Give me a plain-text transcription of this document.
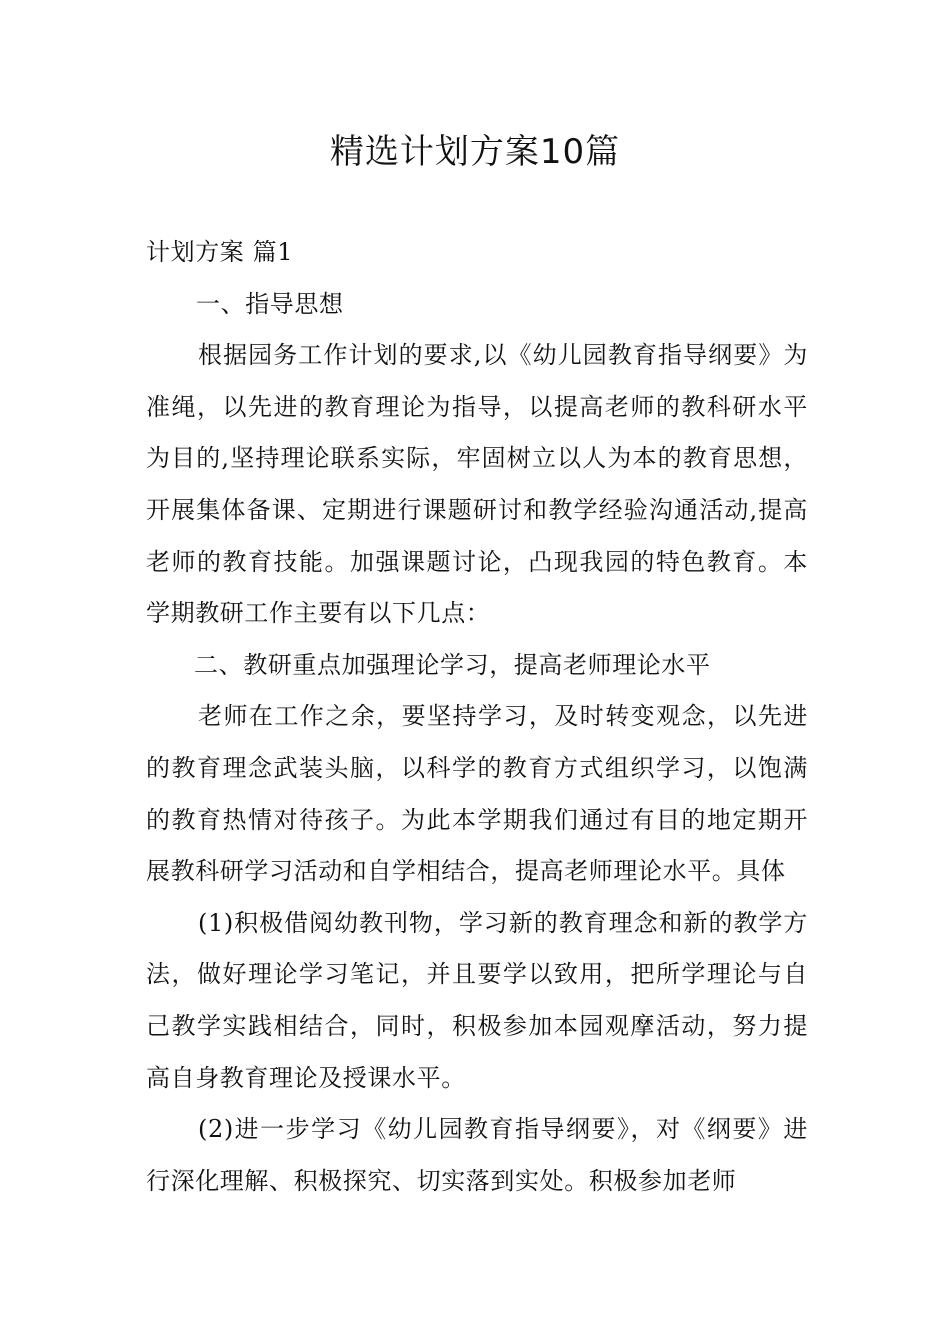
精选计划方案10篇

计划方案 篇1

一、指导思想

根据园务工作计划的要求,以《幼儿园教育指导纲要》为准绳，以先进的教育理论为指导，以提高老师的教科研水平为目的,坚持理论联系实际，牢固树立以人为本的教育思想，开展集体备课、定期进行课题研讨和教学经验沟通活动,提高老师的教育技能。加强课题讨论，凸现我园的特色教育。本学期教研工作主要有以下几点：

二、教研重点加强理论学习，提高老师理论水平

老师在工作之余，要坚持学习，及时转变观念，以先进的教育理念武装头脑，以科学的教育方式组织学习，以饱满的教育热情对待孩子。为此本学期我们通过有目的地定期开展教科研学习活动和自学相结合，提高老师理论水平。具体

(1)积极借阅幼教刊物，学习新的教育理念和新的教学方法，做好理论学习笔记，并且要学以致用，把所学理论与自己教学实践相结合，同时，积极参加本园观摩活动，努力提高自身教育理论及授课水平。

(2)进一步学习《幼儿园教育指导纲要》，对《纲要》进行深化理解、积极探究、切实落到实处。积极参加老师
